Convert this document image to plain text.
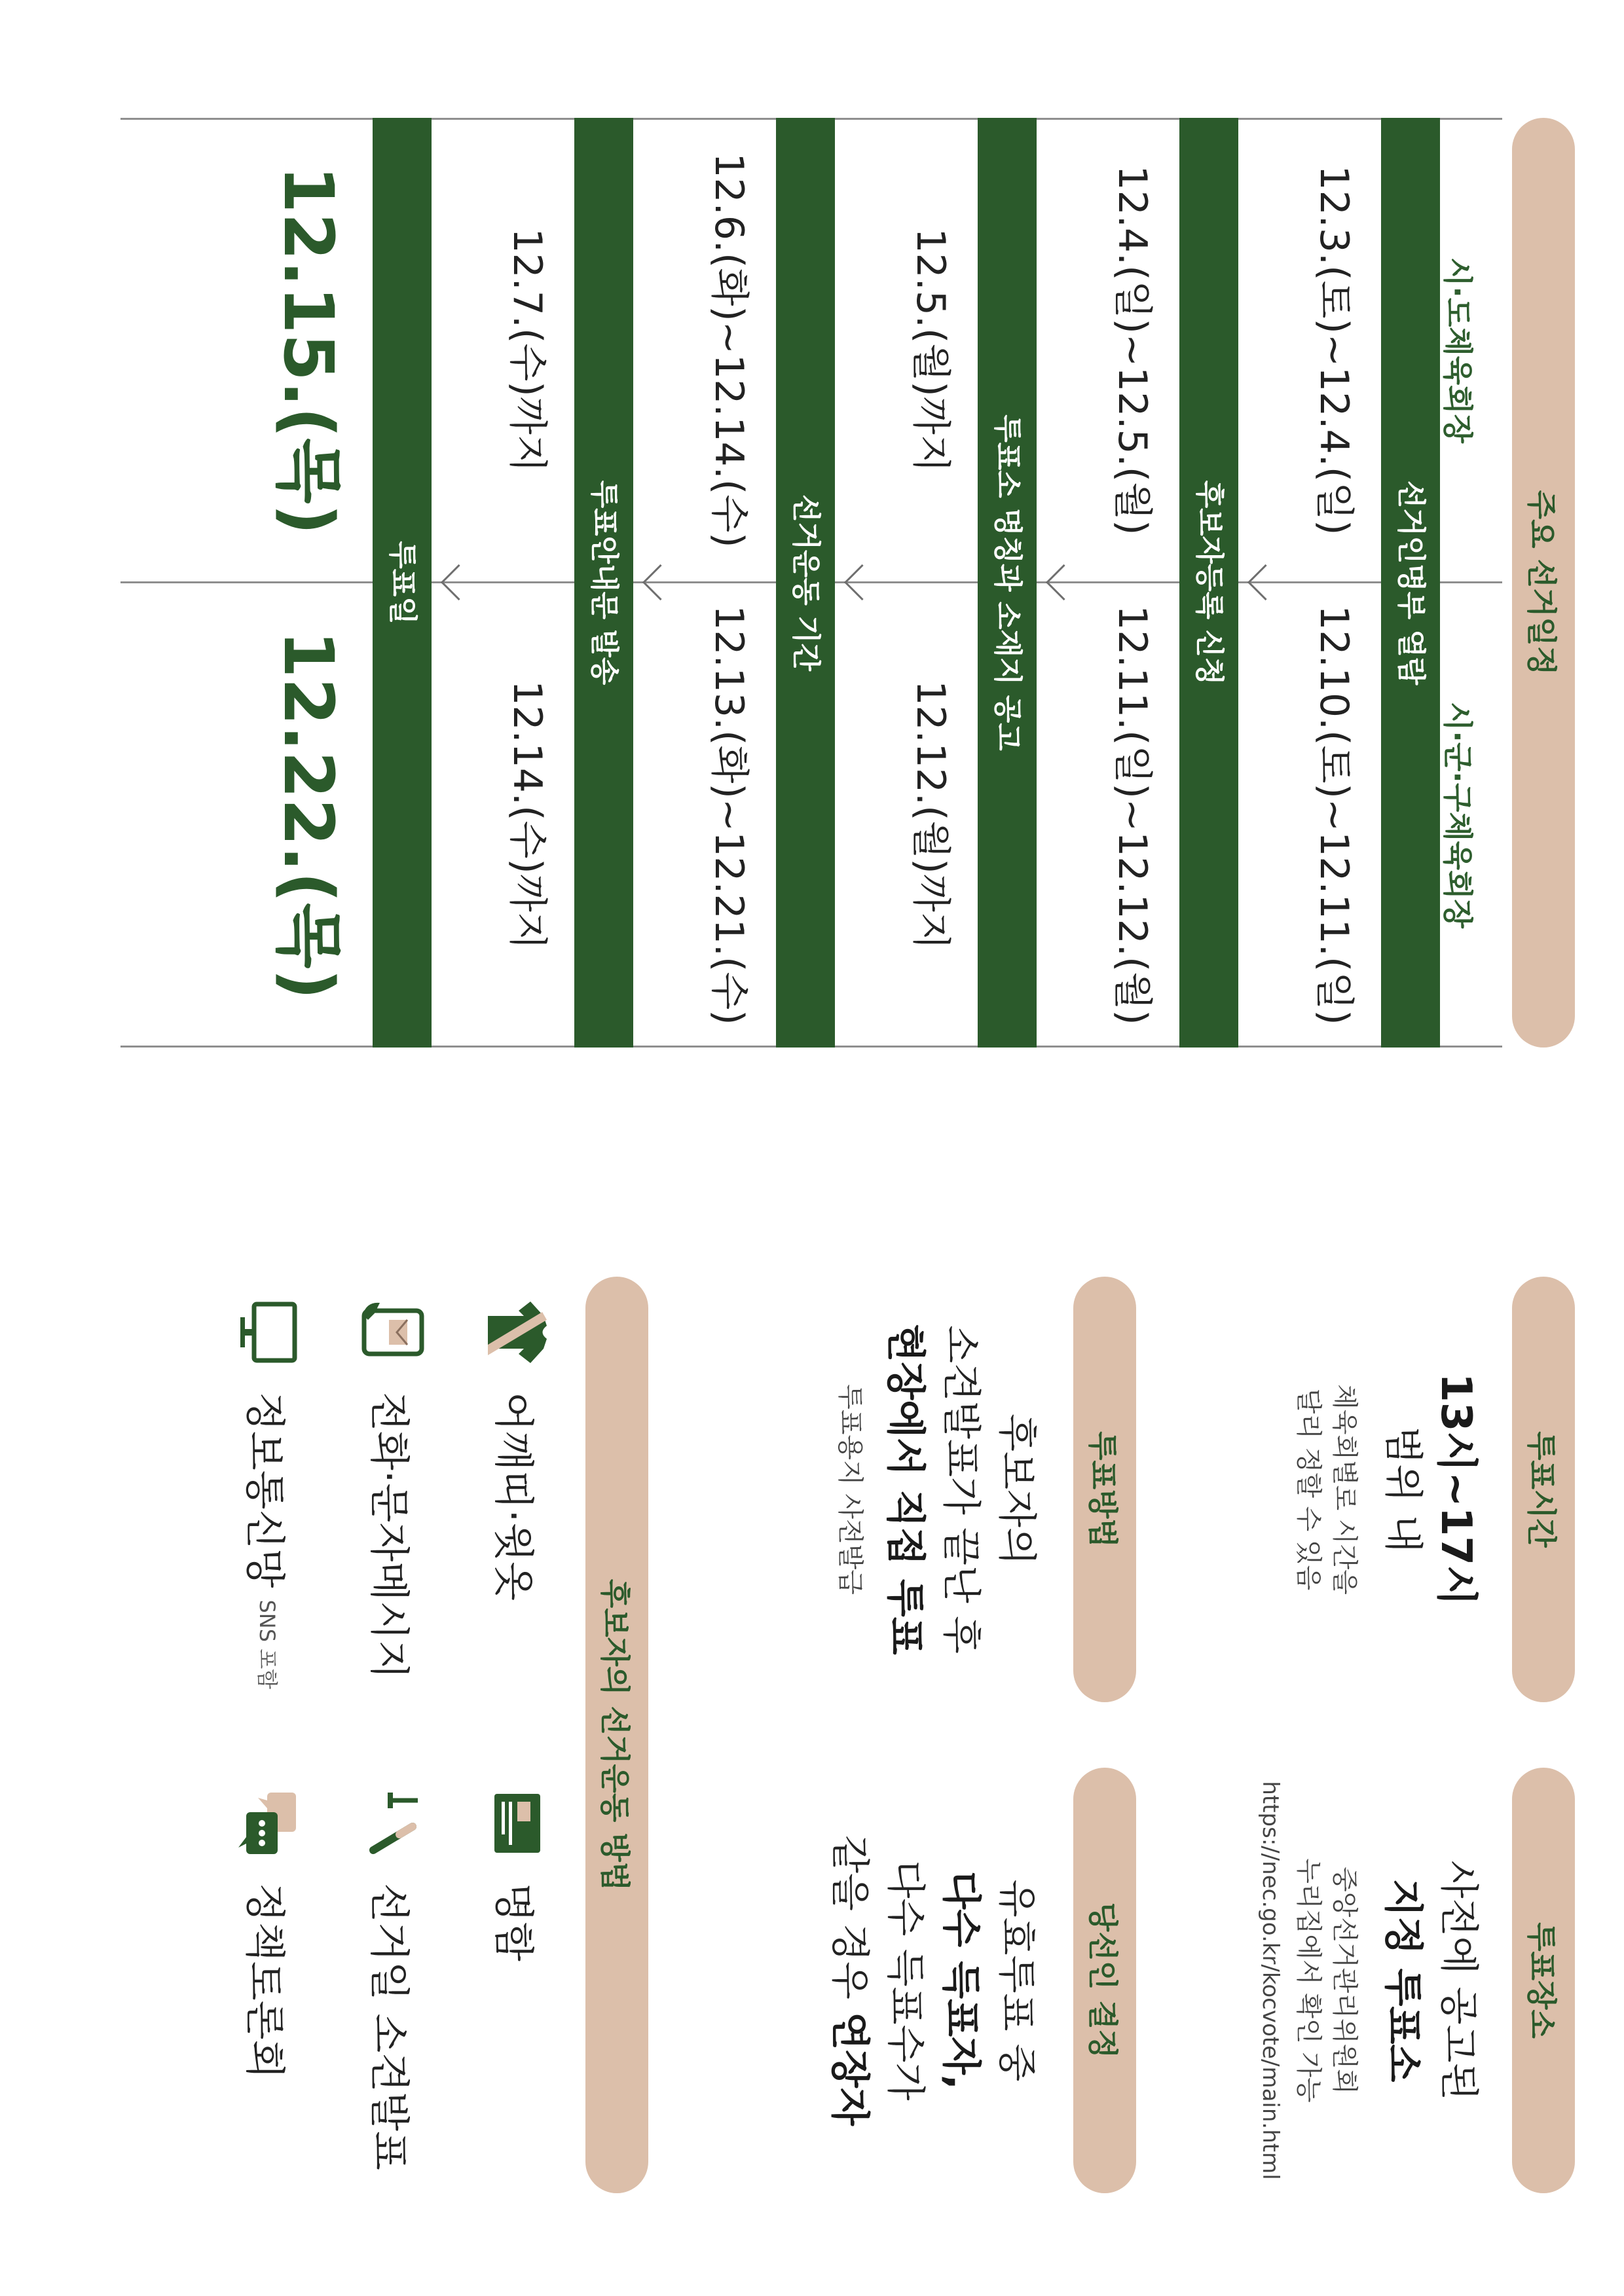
주요 선거일정
시·도체육회장
시·군·구체육회장
선거인명부 열람
12.3.(토)~12.4.(일)
12.10.(토)~12.11.(일)
후보자등록 신청
12.4.(일)~12.5.(월)
12.11.(일)~12.12.(월)
투표소 명칭과 소재지 공고
12.5.(월)까지
12.12.(월)까지
선거운동 기간
12.6.(화)~12.14.(수)
12.13.(화)~12.21.(수)
투표안내문 발송
12.7.(수)까지
12.14.(수)까지
투표일
12.15.(목)
12.22.(목)
투표시간
13시~17시
범위 내
체육회별로 시간을
달리 정할 수 있음
투표장소
사전에 공고된
지정 투표소
중앙선거관리위원회
누리집에서 확인 가능
https://nec.go.kr/kocvote/main.html
투표방법
후보자의
소견발표가 끝난 후
현장에서 직접 투표
투표용지 사전발급
당선인 결정
유효투표 중
다수 득표자,
다수 득표수가
같을 경우 연장자
후보자의 선거운동 방법
어깨띠·윗옷
명함
전화·문자메시지
선거일 소견발표
정보통신망
SNS 포함
정책토론회
